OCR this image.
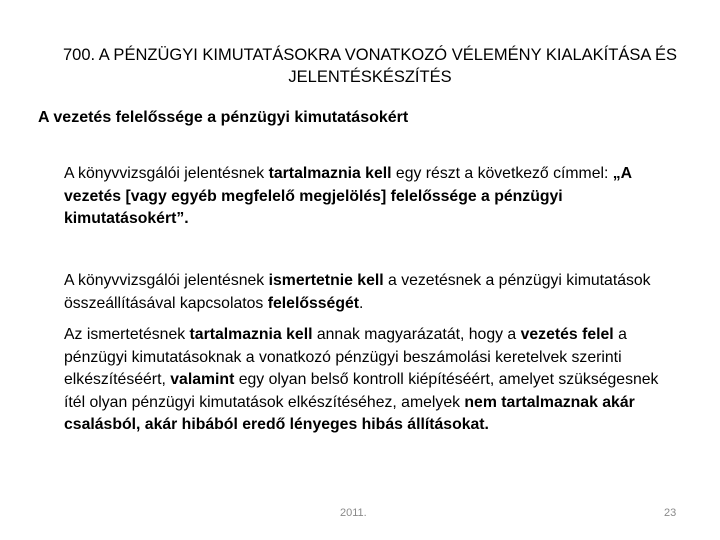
700. A PÉNZÜGYI KIMUTATÁSOKRA VONATKOZÓ VÉLEMÉNY KIALAKÍTÁSA ÉS JELENTÉSKÉSZÍTÉS
A vezetés felelőssége a pénzügyi kimutatásokért
A könyvvizsgálói jelentésnek tartalmaznia kell egy részt a következő címmel: „A vezetés [vagy egyéb megfelelő megjelölés] felelőssége a pénzügyi kimutatásokért”.
A könyvvizsgálói jelentésnek ismertetnie kell a vezetésnek a pénzügyi kimutatások összeállításával kapcsolatos felelősségét.
Az ismertetésnek tartalmaznia kell annak magyarázatát, hogy a vezetés felel a pénzügyi kimutatásoknak a vonatkozó pénzügyi beszámolási keretelvek szerinti elkészítéséért, valamint egy olyan belső kontroll kiépítéséért, amelyet szükségesnek ítél olyan pénzügyi kimutatások elkészítéséhez, amelyek nem tartalmaznak akár csalásból, akár hibából eredő lényeges hibás állításokat.
2011.	23
